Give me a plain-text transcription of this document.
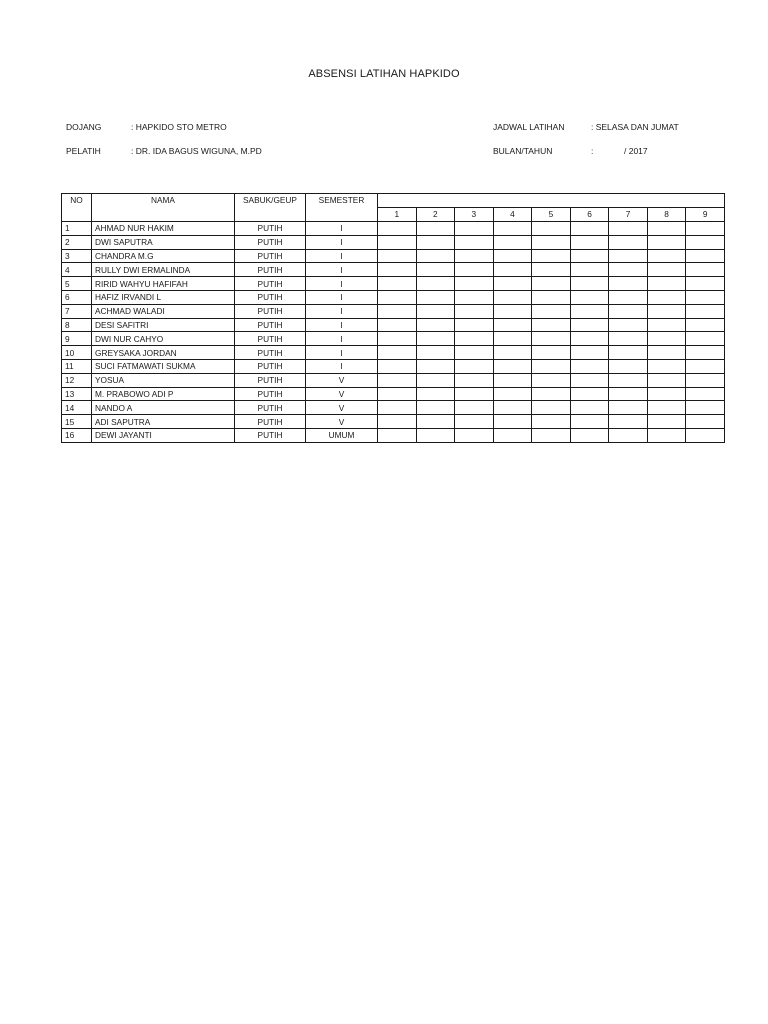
ABSENSI LATIHAN HAPKIDO
DOJANG	: HAPKIDO STO METRO
PELATIH	: DR. IDA BAGUS WIGUNA, M.PD
JADWAL LATIHAN	: SELASA DAN JUMAT
BULAN/TAHUN	:	/ 2017
NO	NAMA	SABUK/GEUP	SEMESTER									
				1	2	3	4	5	6	7	8	9
1	AHMAD NUR HAKIM	PUTIH	I									
2	DWI SAPUTRA	PUTIH	I									
3	CHANDRA M.G	PUTIH	I									
4	RULLY DWI ERMALINDA	PUTIH	I									
5	RIRID WAHYU HAFIFAH	PUTIH	I									
6	HAFIZ IRVANDI L	PUTIH	I									
7	ACHMAD WALADI	PUTIH	I									
8	DESI SAFITRI	PUTIH	I									
9	DWI NUR CAHYO	PUTIH	I									
10	GREYSAKA JORDAN	PUTIH	I									
11	SUCI FATMAWATI SUKMA	PUTIH	I									
12	YOSUA	PUTIH	V									
13	M. PRABOWO ADI P	PUTIH	V									
14	NANDO A	PUTIH	V									
15	ADI SAPUTRA	PUTIH	V									
16	DEWI JAYANTI	PUTIH	UMUM									
